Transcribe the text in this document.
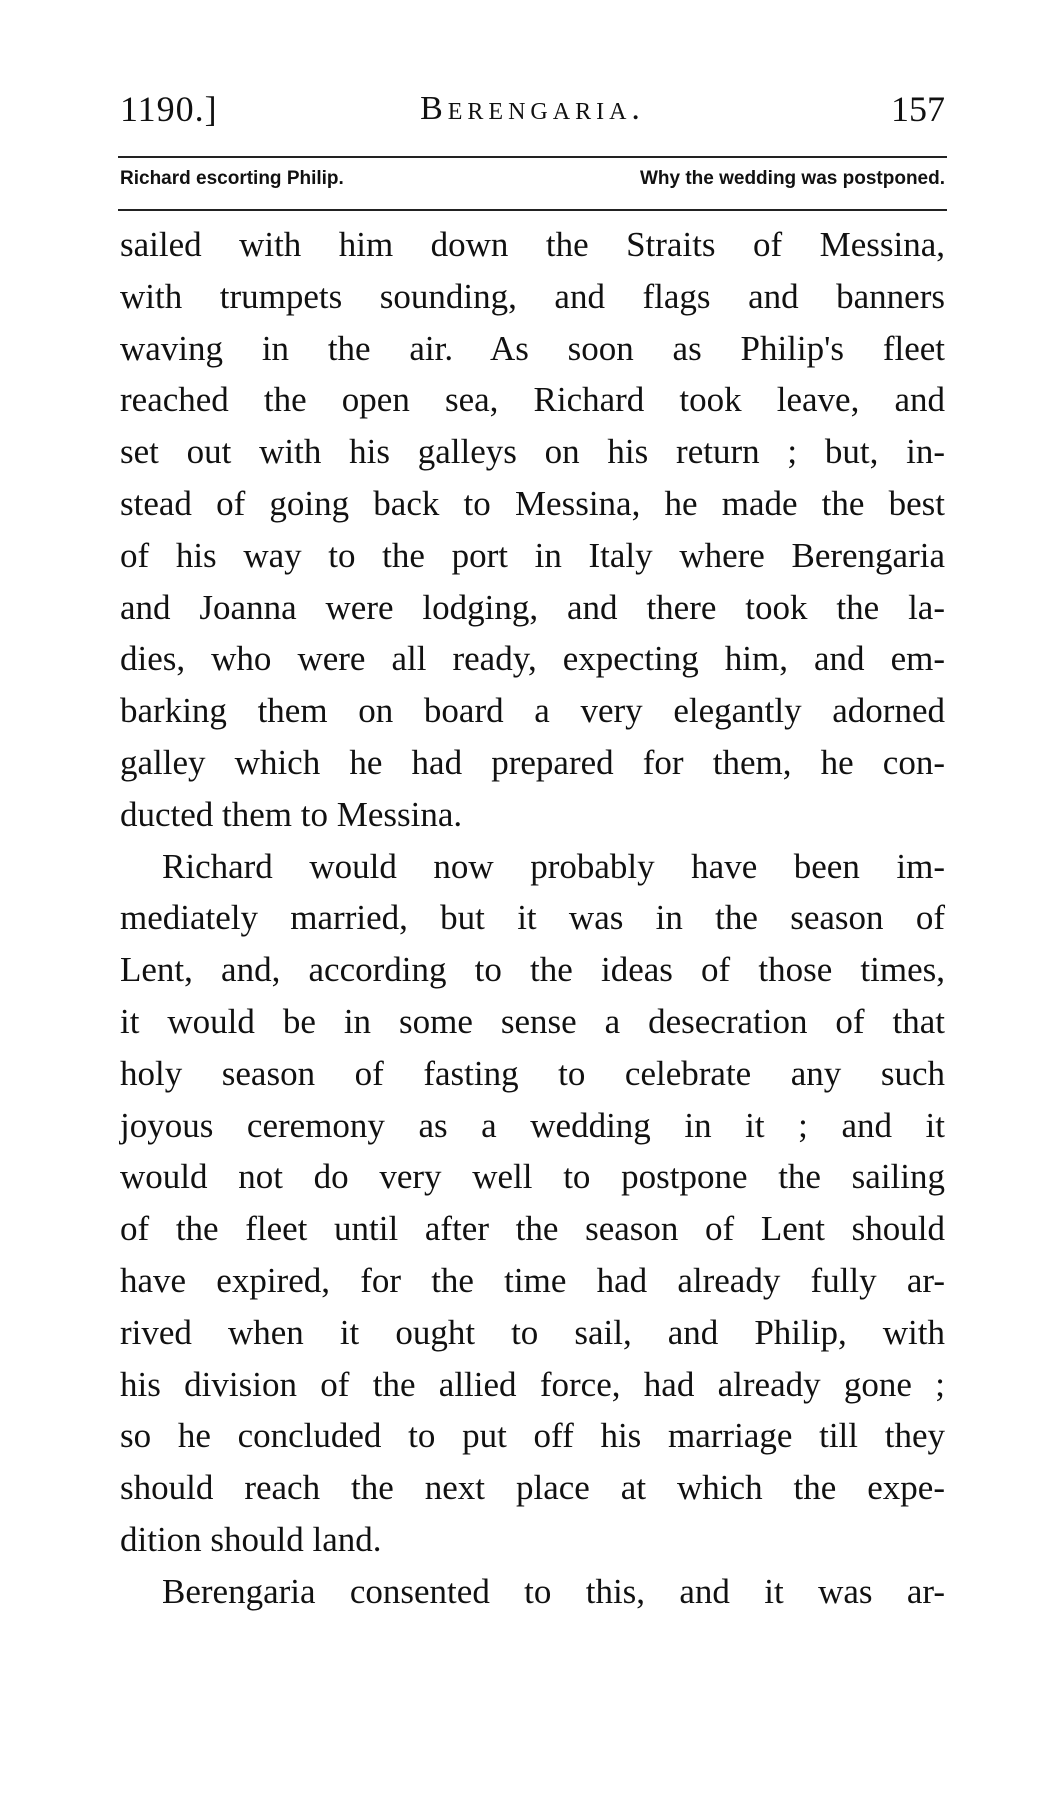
1190.]	Berengaria.	157
Richard escorting Philip.	Why the wedding was postponed.
sailed with him down the Straits of Messina,
with trumpets sounding, and flags and banners
waving in the air. As soon as Philip's fleet
reached the open sea, Richard took leave, and
set out with his galleys on his return ; but, in-
stead of going back to Messina, he made the best
of his way to the port in Italy where Berengaria
and Joanna were lodging, and there took the la-
dies, who were all ready, expecting him, and em-
barking them on board a very elegantly adorned
galley which he had prepared for them, he con-
ducted them to Messina.
Richard would now probably have been im-
mediately married, but it was in the season of
Lent, and, according to the ideas of those times,
it would be in some sense a desecration of that
holy season of fasting to celebrate any such
joyous ceremony as a wedding in it ; and it
would not do very well to postpone the sailing
of the fleet until after the season of Lent should
have expired, for the time had already fully ar-
rived when it ought to sail, and Philip, with
his division of the allied force, had already gone ;
so he concluded to put off his marriage till they
should reach the next place at which the expe-
dition should land.
Berengaria consented to this, and it was ar-
